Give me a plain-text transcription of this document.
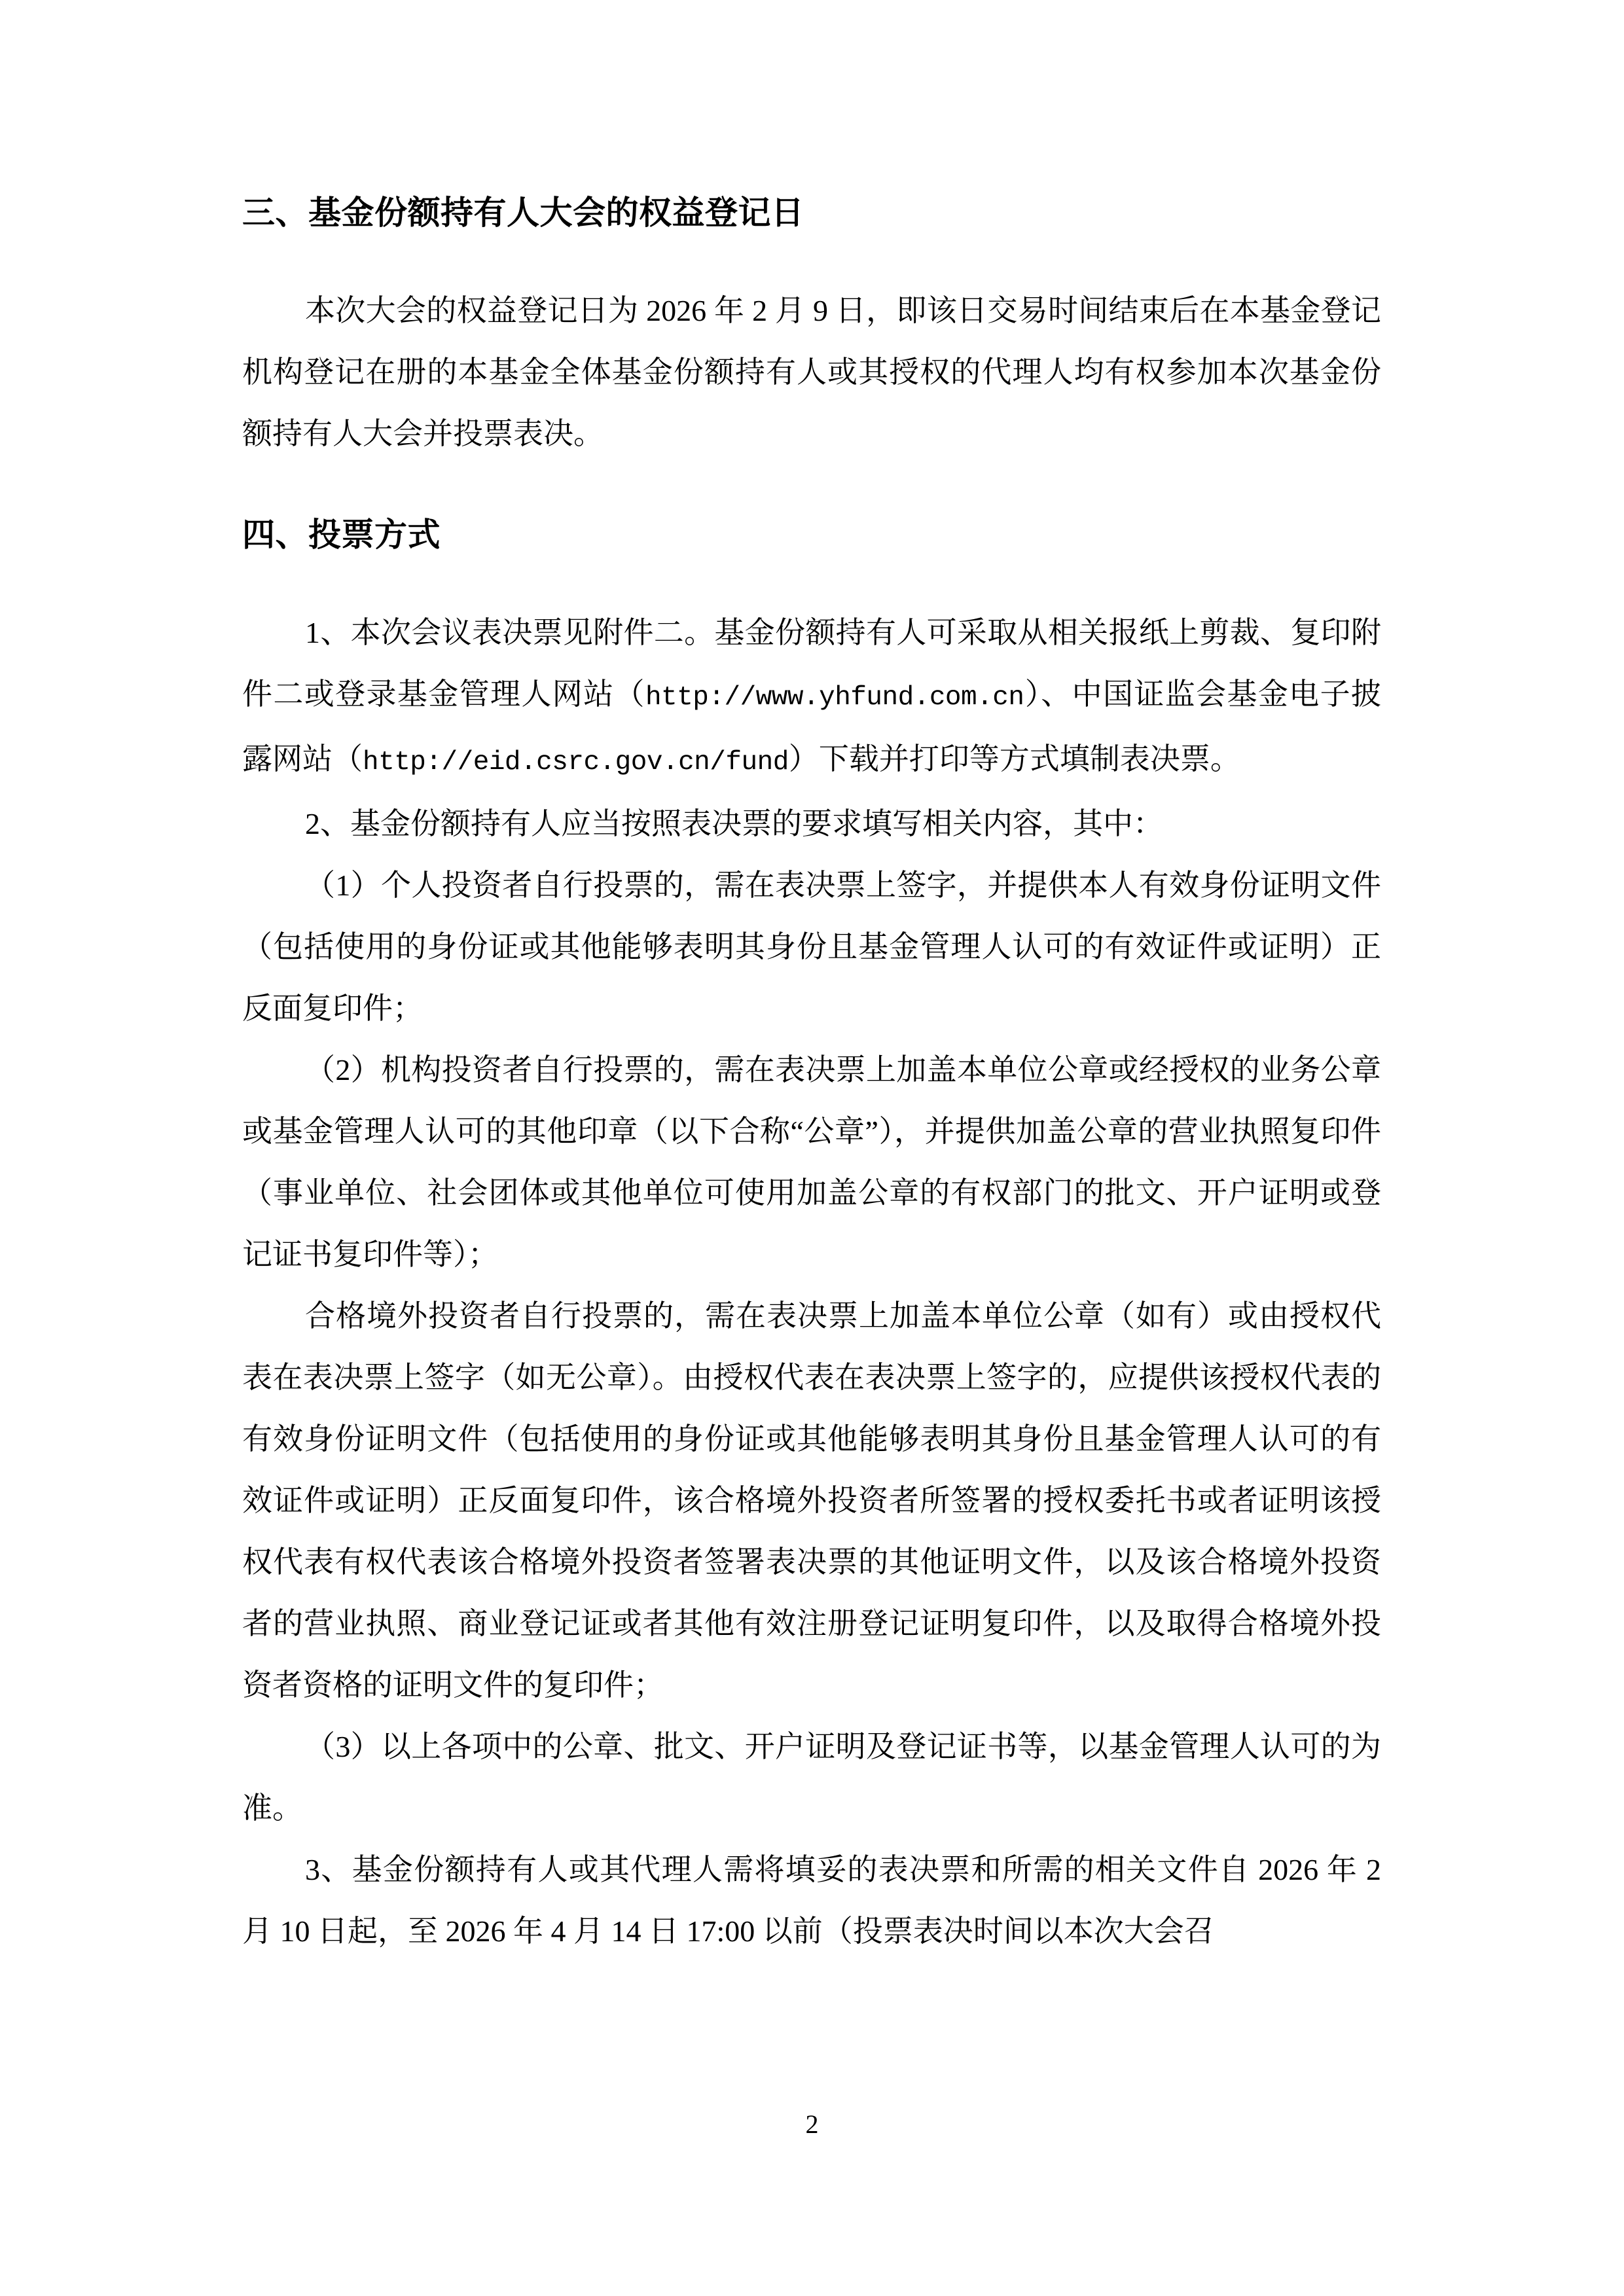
三、基金份额持有人大会的权益登记日

本次大会的权益登记日为 2026 年 2 月 9 日，即该日交易时间结束后在本基金登记机构登记在册的本基金全体基金份额持有人或其授权的代理人均有权参加本次基金份额持有人大会并投票表决。

四、投票方式

1、本次会议表决票见附件二。基金份额持有人可采取从相关报纸上剪裁、复印附件二或登录基金管理人网站（http://www.yhfund.com.cn）、中国证监会基金电子披露网站（http://eid.csrc.gov.cn/fund）下载并打印等方式填制表决票。

2、基金份额持有人应当按照表决票的要求填写相关内容，其中：

（1）个人投资者自行投票的，需在表决票上签字，并提供本人有效身份证明文件（包括使用的身份证或其他能够表明其身份且基金管理人认可的有效证件或证明）正反面复印件；

（2）机构投资者自行投票的，需在表决票上加盖本单位公章或经授权的业务公章或基金管理人认可的其他印章（以下合称“公章”），并提供加盖公章的营业执照复印件（事业单位、社会团体或其他单位可使用加盖公章的有权部门的批文、开户证明或登记证书复印件等）；

合格境外投资者自行投票的，需在表决票上加盖本单位公章（如有）或由授权代表在表决票上签字（如无公章）。由授权代表在表决票上签字的，应提供该授权代表的有效身份证明文件（包括使用的身份证或其他能够表明其身份且基金管理人认可的有效证件或证明）正反面复印件，该合格境外投资者所签署的授权委托书或者证明该授权代表有权代表该合格境外投资者签署表决票的其他证明文件，以及该合格境外投资者的营业执照、商业登记证或者其他有效注册登记证明复印件，以及取得合格境外投资者资格的证明文件的复印件；

（3）以上各项中的公章、批文、开户证明及登记证书等，以基金管理人认可的为准。

3、基金份额持有人或其代理人需将填妥的表决票和所需的相关文件自 2026 年 2 月 10 日起，至 2026 年 4 月 14 日 17:00 以前（投票表决时间以本次大会召

2
